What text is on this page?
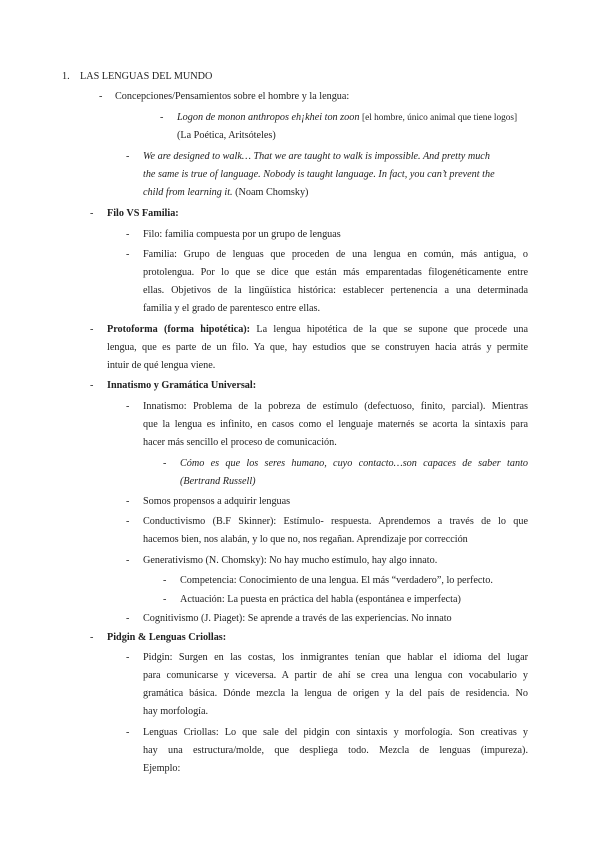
1. LAS LENGUAS DEL MUNDO
- Concepciones/Pensamientos sobre el hombre y la lengua:
- Logon de monon anthropos eh¡khei ton zoon [el hombre, único animal que tiene logos]
(La Poética, Aritsóteles)
- We are designed to walk… That we are taught to walk is impossible. And pretty much
the same is true of language. Nobody is taught language. In fact, you can’t prevent the
child from learning it. (Noam Chomsky)
- Filo VS Familia:
- Filo: familia compuesta por un grupo de lenguas
- Familia: Grupo de lenguas que proceden de una lengua en común, más antigua, o
protolengua. Por lo que se dice que están más emparentadas filogenéticamente entre
ellas. Objetivos de la lingüística histórica: establecer pertenencia a una determinada
familia y el grado de parentesco entre ellas.
- Protoforma (forma hipotética): La lengua hipotética de la que se supone que procede una
lengua, que es parte de un filo. Ya que, hay estudios que se construyen hacia atrás y permite
intuir de qué lengua viene.
- Innatismo y Gramática Universal:
- Innatismo: Problema de la pobreza de estímulo (defectuoso, finito, parcial). Mientras
que la lengua es infinito, en casos como el lenguaje maternés se acorta la sintaxis para
hacer más sencillo el proceso de comunicación.
- Cómo es que los seres humano, cuyo contacto…son capaces de saber tanto
(Bertrand Russell)
- Somos propensos a adquirir lenguas
- Conductivismo (B.F Skinner): Estímulo- respuesta. Aprendemos a través de lo que
hacemos bien, nos alabán, y lo que no, nos regañan. Aprendizaje por corrección
- Generativismo (N. Chomsky): No hay mucho estímulo, hay algo innato.
- Competencia: Conocimiento de una lengua. El más “verdadero”, lo perfecto.
- Actuación: La puesta en práctica del habla (espontánea e imperfecta)
- Cognitivismo (J. Piaget): Se aprende a través de las experiencias. No innato
- Pidgin & Lenguas Criollas:
- Pidgin: Surgen en las costas, los inmigrantes tenían que hablar el idioma del lugar
para comunicarse y viceversa. A partir de ahí se crea una lengua con vocabulario y
gramática básica. Dónde mezcla la lengua de origen y la del país de residencia. No
hay morfología.
- Lenguas Criollas: Lo que sale del pidgin con sintaxis y morfología. Son creativas y
hay una estructura/molde, que despliega todo. Mezcla de lenguas (impureza).
Ejemplo:
